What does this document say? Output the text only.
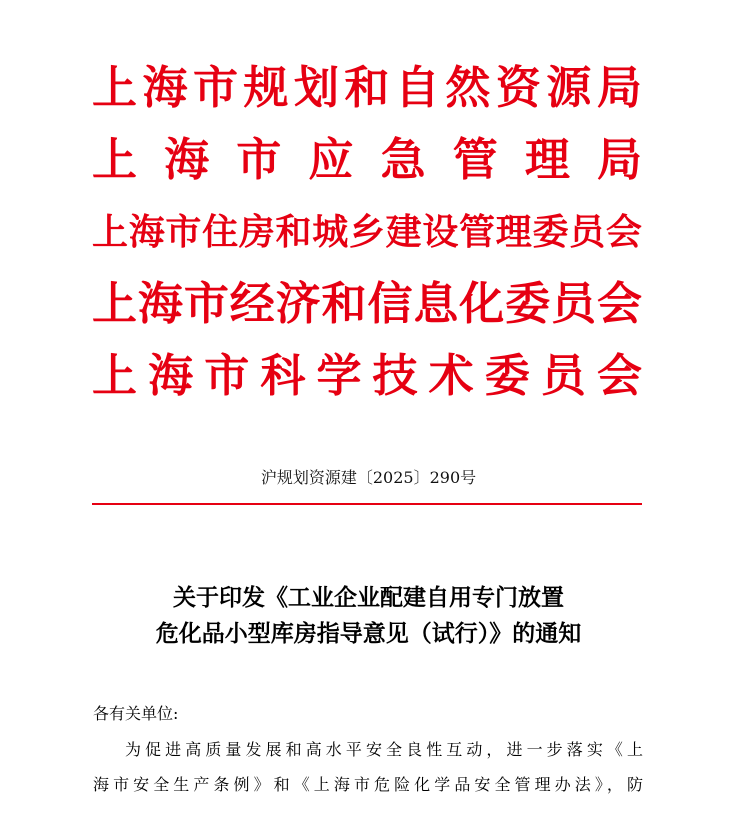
上 海 市 规 划 和 自 然 资 源 局
上 海 市 应 急 管 理 局
上 海 市 住 房 和 城 乡 建 设 管 理 委 员 会
上 海 市 经 济 和 信 息 化 委 员 会
上 海 市 科 学 技 术 委 员 会
沪规划资源建〔2025〕290号
关于印发《工业企业配建自用专门放置
危化品小型库房指导意见（试行）》的通知
各有关单位:
为促进高质量发展和高水平安全良性互动，进一步落实《上
海市安全生产条例》和《上海市危险化学品安全管理办法》，防
